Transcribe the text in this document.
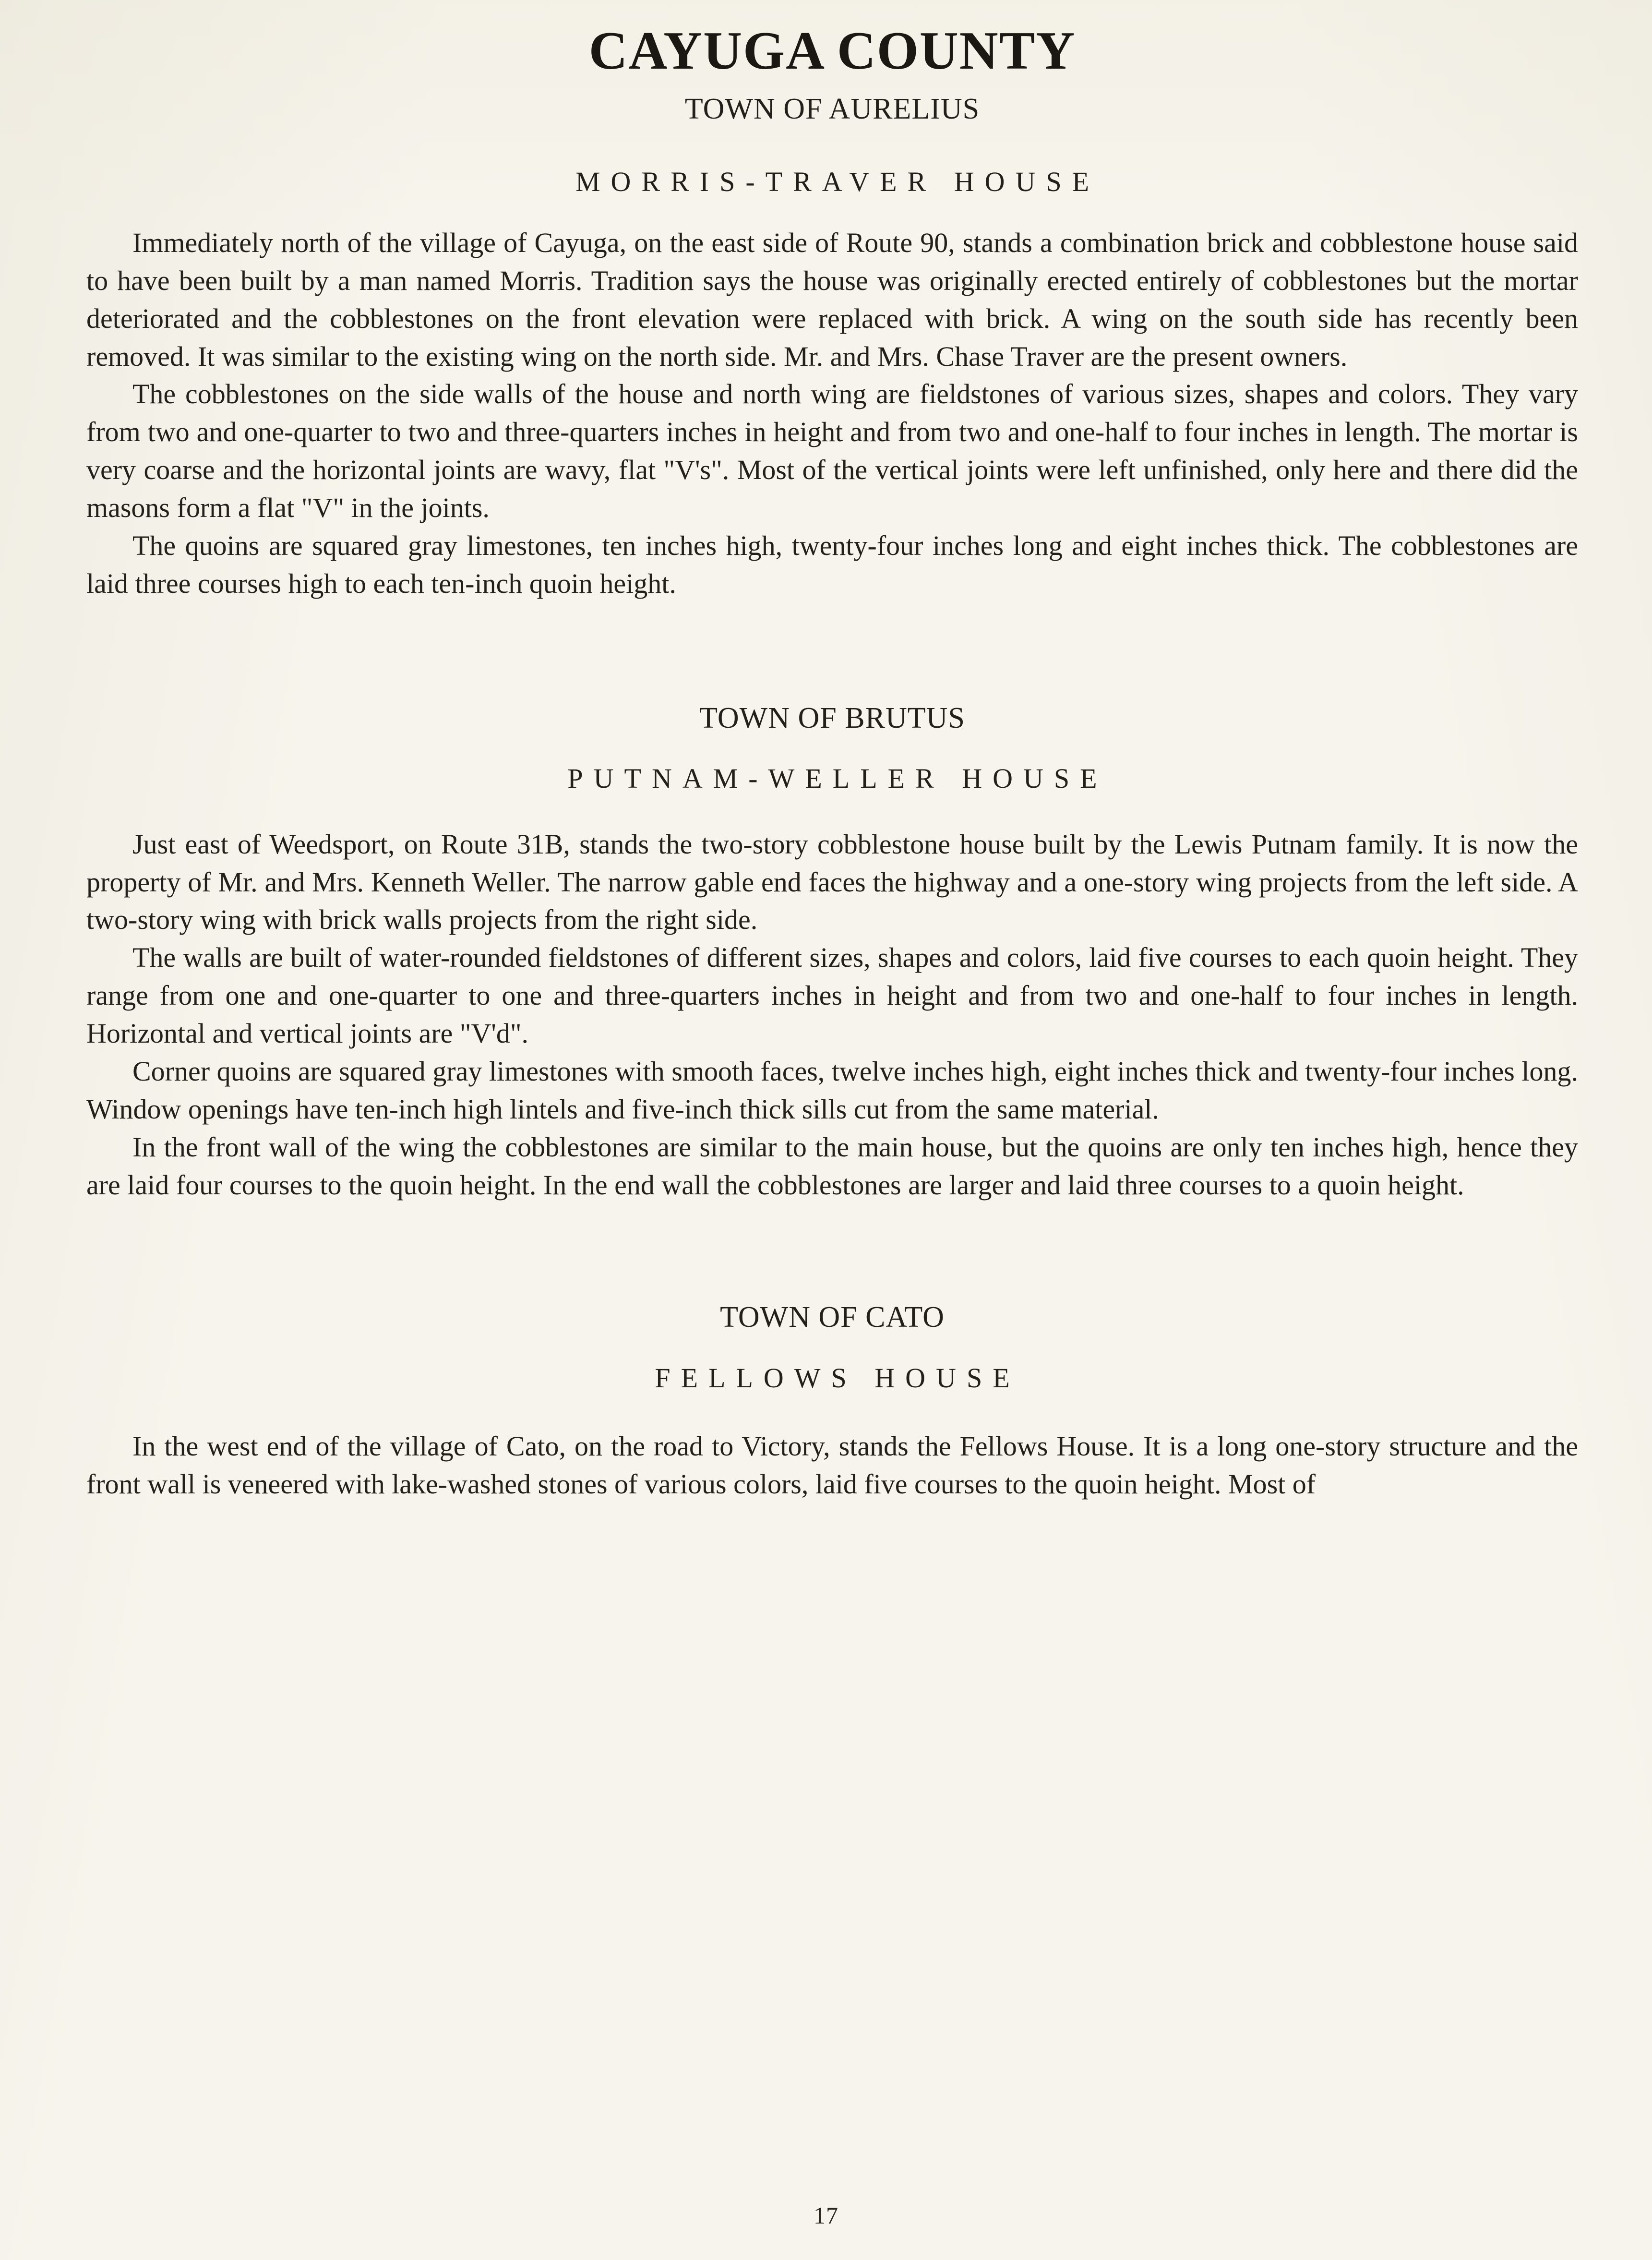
CAYUGA COUNTY
TOWN OF AURELIUS
MORRIS-TRAVER HOUSE

Immediately north of the village of Cayuga, on the east side of Route 90, stands a combination brick and cobblestone house said to have been built by a man named Morris. Tradition says the house was originally erected entirely of cobblestones but the mortar deteriorated and the cobblestones on the front elevation were replaced with brick. A wing on the south side has recently been removed. It was similar to the existing wing on the north side. Mr. and Mrs. Chase Traver are the present owners.

The cobblestones on the side walls of the house and north wing are fieldstones of various sizes, shapes and colors. They vary from two and one-quarter to two and three-quarters inches in height and from two and one-half to four inches in length. The mortar is very coarse and the horizontal joints are wavy, flat "V's". Most of the vertical joints were left unfinished, only here and there did the masons form a flat "V" in the joints.

The quoins are squared gray limestones, ten inches high, twenty-four inches long and eight inches thick. The cobblestones are laid three courses high to each ten-inch quoin height.

TOWN OF BRUTUS
PUTNAM-WELLER HOUSE

Just east of Weedsport, on Route 31B, stands the two-story cobblestone house built by the Lewis Putnam family. It is now the property of Mr. and Mrs. Kenneth Weller. The narrow gable end faces the highway and a one-story wing projects from the left side. A two-story wing with brick walls projects from the right side.

The walls are built of water-rounded fieldstones of different sizes, shapes and colors, laid five courses to each quoin height. They range from one and one-quarter to one and three-quarters inches in height and from two and one-half to four inches in length. Horizontal and vertical joints are "V'd".

Corner quoins are squared gray limestones with smooth faces, twelve inches high, eight inches thick and twenty-four inches long. Window openings have ten-inch high lintels and five-inch thick sills cut from the same material.

In the front wall of the wing the cobblestones are similar to the main house, but the quoins are only ten inches high, hence they are laid four courses to the quoin height. In the end wall the cobblestones are larger and laid three courses to a quoin height.

TOWN OF CATO
FELLOWS HOUSE

In the west end of the village of Cato, on the road to Victory, stands the Fellows House. It is a long one-story structure and the front wall is veneered with lake-washed stones of various colors, laid five courses to the quoin height. Most of

17
